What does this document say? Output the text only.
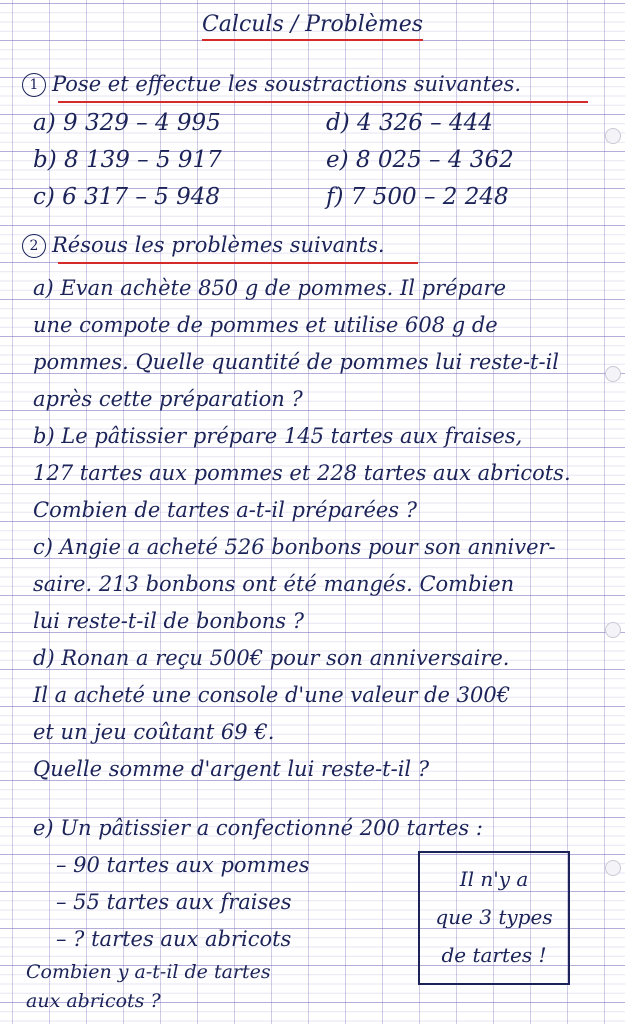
Calculs / Problèmes
1 Pose et effectue les soustractions suivantes.
a) 9 329 – 4 995
b) 8 139 – 5 917
c) 6 317 – 5 948
d) 4 326 – 444
e) 8 025 – 4 362
f) 7 500 – 2 248
2 Résous les problèmes suivants.
a) Evan achète 850 g de pommes. Il prépare
une compote de pommes et utilise 608 g de
pommes. Quelle quantité de pommes lui reste-t-il
après cette préparation ?
b) Le pâtissier prépare 145 tartes aux fraises,
127 tartes aux pommes et 228 tartes aux abricots.
Combien de tartes a-t-il préparées ?
c) Angie a acheté 526 bonbons pour son anniver-
saire. 213 bonbons ont été mangés. Combien
lui reste-t-il de bonbons ?
d) Ronan a reçu 500€ pour son anniversaire.
Il a acheté une console d'une valeur de 300€
et un jeu coûtant 69 €.
Quelle somme d'argent lui reste-t-il ?
e) Un pâtissier a confectionné 200 tartes :
– 90 tartes aux pommes
– 55 tartes aux fraises
– ? tartes aux abricots
Combien y a-t-il de tartes
aux abricots ?
Il n'y a
que 3 types
de tartes !
